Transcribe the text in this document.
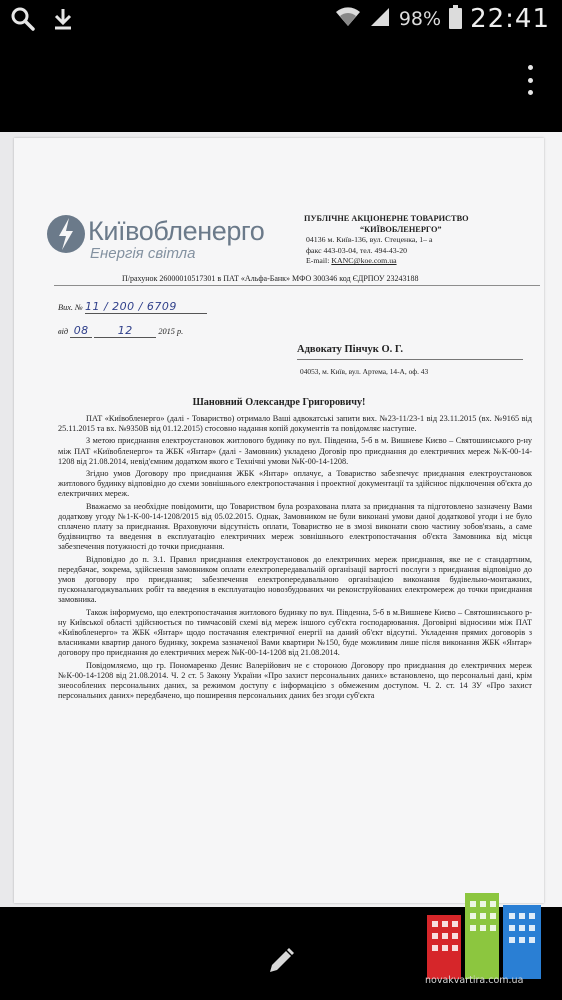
98% 22:41
Київобленерго
Енергія світла
ПУБЛІЧНЕ АКЦІОНЕРНЕ ТОВАРИСТВО
“КИЇВОБЛЕНЕРГО”
04136 м. Київ-136, вул. Стеценка, 1– а
факс 443-03-04, тел. 494-43-20
E-mail: KANC@koe.com.ua
П/рахунок 26000010517301 в ПАТ «Альфа-Банк» МФО 300346 код ЄДРПОУ 23243188
Вих. № 11 / 200 / 6709
від 08	12	2015 р.
Адвокату Пінчук О. Г.
04053, м. Київ, вул. Артема, 14-А, оф. 43
Шановний Олександре Григоровичу!

ПАТ «Київобленерго» (далі - Товариство) отримало Ваші адвокатські запити вих. №23-11/23-1 від 23.11.2015 (вх. №9165 від 25.11.2015 та вх. №9350В від 01.12.2015) стосовно надання копій документів та повідомляє наступне.

З метою приєднання електроустановок житлового будинку по вул. Південна, 5-б в м. Вишневе Києво – Святошинського р-ну між ПАТ «Київобленерго» та ЖБК «Янтар» (далі - Замовник) укладено Договір про приєднання до електричних мереж №К-00-14-1208 від 21.08.2014, невід'ємним додатком якого є Технічні умови №К-00-14-1208.

Згідно умов Договору про приєднання ЖБК «Янтар» оплачує, а Товариство забезпечує приєднання електроустановок житлового будинку відповідно до схеми зовнішнього електропостачання і проектної документації та здійснює підключення об'єкта до електричних мереж.

Вважаємо за необхідне повідомити, що Товариством була розрахована плата за приєднання та підготовлено зазначену Вами додаткову угоду №1-К-00-14-1208/2015 від 05.02.2015. Однак, Замовником не були виконані умови даної додаткової угоди і не було сплачено плату за приєднання. Враховуючи відсутність оплати, Товариство не в змозі виконати свою частину зобов'язань, а саме будівництво та введення в експлуатацію електричних мереж зовнішнього електропостачання об'єкта Замовника від місця забезпечення потужності до точки приєднання.

Відповідно до п. 3.1. Правил приєднання електроустановок до електричних мереж приєднання, яке не є стандартним, передбачає, зокрема, здійснення замовником оплати електропередавальній організації вартості послуги з приєднання відповідно до умов договору про приєднання; забезпечення електропередавальною організацією виконання будівельно-монтажних, пусконалагоджувальних робіт та введення в експлуатацію новозбудованих чи реконструйованих електромереж до точки приєднання замовника.

Також інформуємо, що електропостачання житлового будинку по вул. Південна, 5-б в м.Вишневе Києво – Святошинського р-ну Київської області здійснюється по тимчасовій схемі від мереж іншого суб'єкта господарювання. Договірні відносини між ПАТ «Київобленерго» та ЖБК «Янтар» щодо постачання електричної енергії на даний об'єкт відсутні. Укладення прямих договорів з власниками квартир даного будинку, зокрема зазначеної Вами квартири №150, буде можливим лише після виконання ЖБК «Янтар» договору про приєднання до електричних мереж №К-00-14-1208 від 21.08.2014.

Повідомляємо, що гр. Пономаренко Денис Валерійович не є стороною Договору про приєднання до електричних мереж №К-00-14-1208 від 21.08.2014. Ч. 2 ст. 5 Закону України «Про захист персональних даних» встановлено, що персональні дані, крім знеособлених персональних даних, за режимом доступу є інформацією з обмеженим доступом. Ч. 2. ст. 14 ЗУ «Про захист персональних даних» передбачено, що поширення персональних даних без згоди суб'єкта

novakvartira.com.ua
